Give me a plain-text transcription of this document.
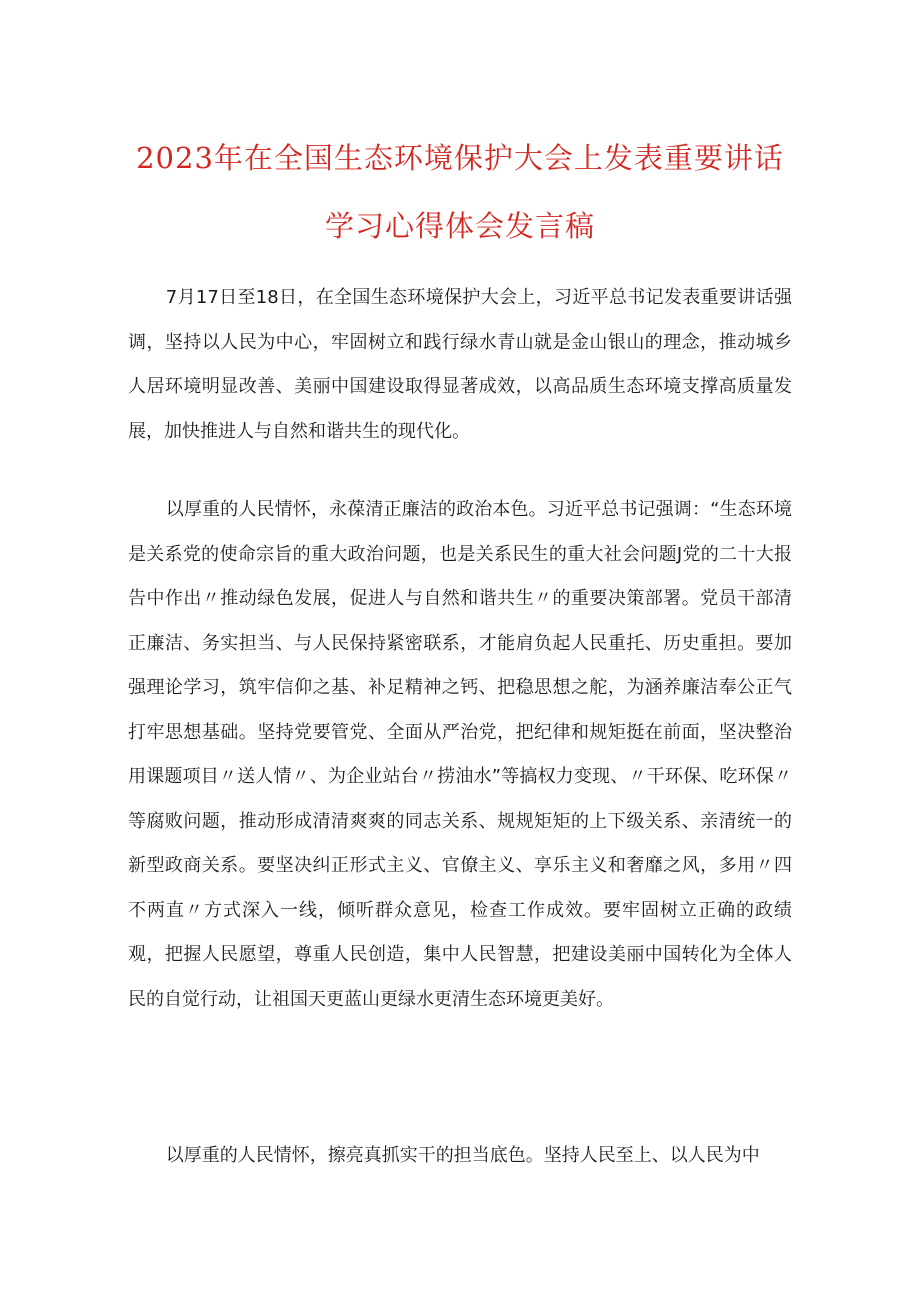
2023年在全国生态环境保护大会上发表重要讲话
学习心得体会发言稿

7月17日至18日，在全国生态环境保护大会上，习近平总书记发表重要讲话强调，坚持以人民为中心，牢固树立和践行绿水青山就是金山银山的理念，推动城乡人居环境明显改善、美丽中国建设取得显著成效，以高品质生态环境支撑高质量发展，加快推进人与自然和谐共生的现代化。

以厚重的人民情怀，永葆清正廉洁的政治本色。习近平总书记强调：“生态环境是关系党的使命宗旨的重大政治问题，也是关系民生的重大社会问题J党的二十大报告中作出〃推动绿色发展，促进人与自然和谐共生〃的重要决策部署。党员干部清正廉洁、务实担当、与人民保持紧密联系，才能肩负起人民重托、历史重担。要加强理论学习，筑牢信仰之基、补足精神之钙、把稳思想之舵，为涵养廉洁奉公正气打牢思想基础。坚持党要管党、全面从严治党，把纪律和规矩挺在前面，坚决整治用课题项目〃送人情〃、为企业站台〃捞油水”等搞权力变现、〃干环保、吃环保〃等腐败问题，推动形成清清爽爽的同志关系、规规矩矩的上下级关系、亲清统一的新型政商关系。要坚决纠正形式主义、官僚主义、享乐主义和奢靡之风，多用〃四不两直〃方式深入一线，倾听群众意见，检查工作成效。要牢固树立正确的政绩观，把握人民愿望，尊重人民创造，集中人民智慧，把建设美丽中国转化为全体人民的自觉行动，让祖国天更蓝山更绿水更清生态环境更美好。

以厚重的人民情怀，擦亮真抓实干的担当底色。坚持人民至上、以人民为中
